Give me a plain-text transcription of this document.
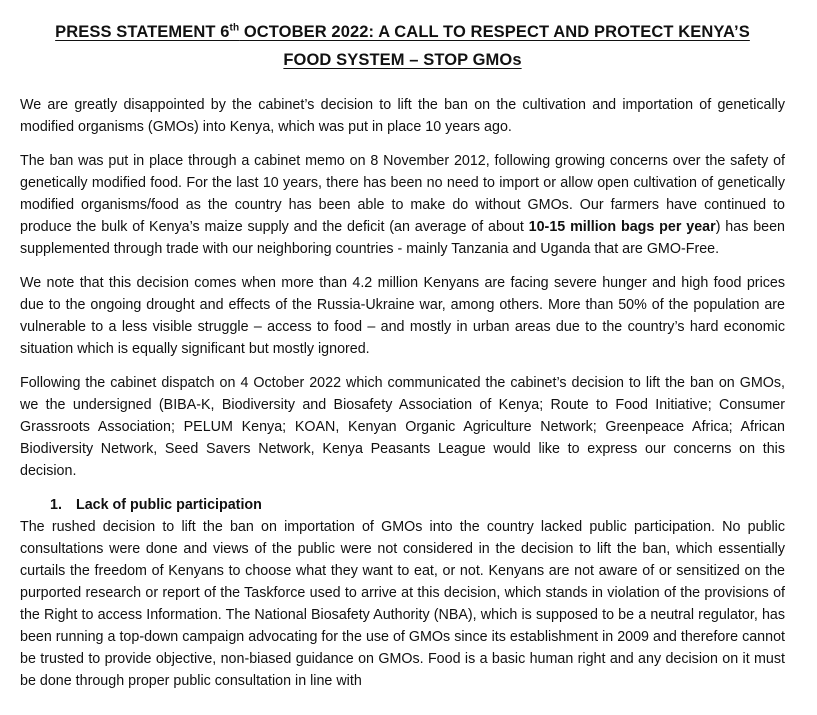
PRESS STATEMENT 6th OCTOBER 2022: A CALL TO RESPECT AND PROTECT KENYA’S
FOOD SYSTEM – STOP GMOs

We are greatly disappointed by the cabinet’s decision to lift the ban on the cultivation and importation of genetically modified organisms (GMOs) into Kenya, which was put in place 10 years ago.

The ban was put in place through a cabinet memo on 8 November 2012, following growing concerns over the safety of genetically modified food. For the last 10 years, there has been no need to import or allow open cultivation of genetically modified organisms/food as the country has been able to make do without GMOs. Our farmers have continued to produce the bulk of Kenya’s maize supply and the deficit (an average of about 10-15 million bags per year) has been supplemented through trade with our neighboring countries - mainly Tanzania and Uganda that are GMO-Free.

We note that this decision comes when more than 4.2 million Kenyans are facing severe hunger and high food prices due to the ongoing drought and effects of the Russia-Ukraine war, among others. More than 50% of the population are vulnerable to a less visible struggle – access to food – and mostly in urban areas due to the country’s hard economic situation which is equally significant but mostly ignored.

Following the cabinet dispatch on 4 October 2022 which communicated the cabinet’s decision to lift the ban on GMOs, we the undersigned (BIBA-K, Biodiversity and Biosafety Association of Kenya; Route to Food Initiative; Consumer Grassroots Association; PELUM Kenya; KOAN, Kenyan Organic Agriculture Network; Greenpeace Africa; African Biodiversity Network, Seed Savers Network, Kenya Peasants League would like to express our concerns on this decision.

1. Lack of public participation

The rushed decision to lift the ban on importation of GMOs into the country lacked public participation. No public consultations were done and views of the public were not considered in the decision to lift the ban, which essentially curtails the freedom of Kenyans to choose what they want to eat, or not. Kenyans are not aware of or sensitized on the purported research or report of the Taskforce used to arrive at this decision, which stands in violation of the provisions of the Right to access Information. The National Biosafety Authority (NBA), which is supposed to be a neutral regulator, has been running a top-down campaign advocating for the use of GMOs since its establishment in 2009 and therefore cannot be trusted to provide objective, non-biased guidance on GMOs. Food is a basic human right and any decision on it must be done through proper public consultation in line with
